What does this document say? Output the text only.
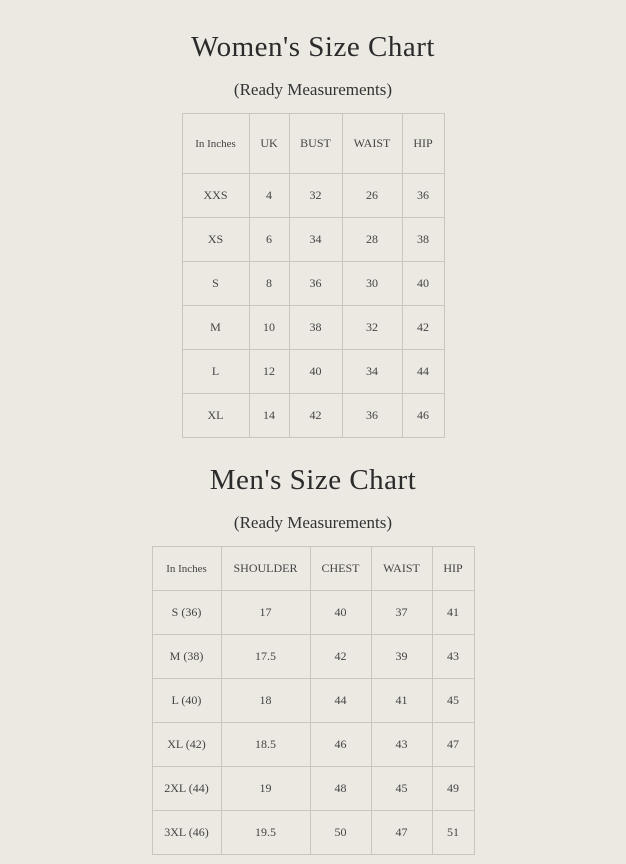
Women's Size Chart

(Ready Measurements)

In Inches	UK	BUST	WAIST	HIP
XXS	4	32	26	36
XS	6	34	28	38
S	8	36	30	40
M	10	38	32	42
L	12	40	34	44
XL	14	42	36	46
Men's Size Chart

(Ready Measurements)

In Inches	SHOULDER	CHEST	WAIST	HIP
S (36)	17	40	37	41
M (38)	17.5	42	39	43
L (40)	18	44	41	45
XL (42)	18.5	46	43	47
2XL (44)	19	48	45	49
3XL (46)	19.5	50	47	51
